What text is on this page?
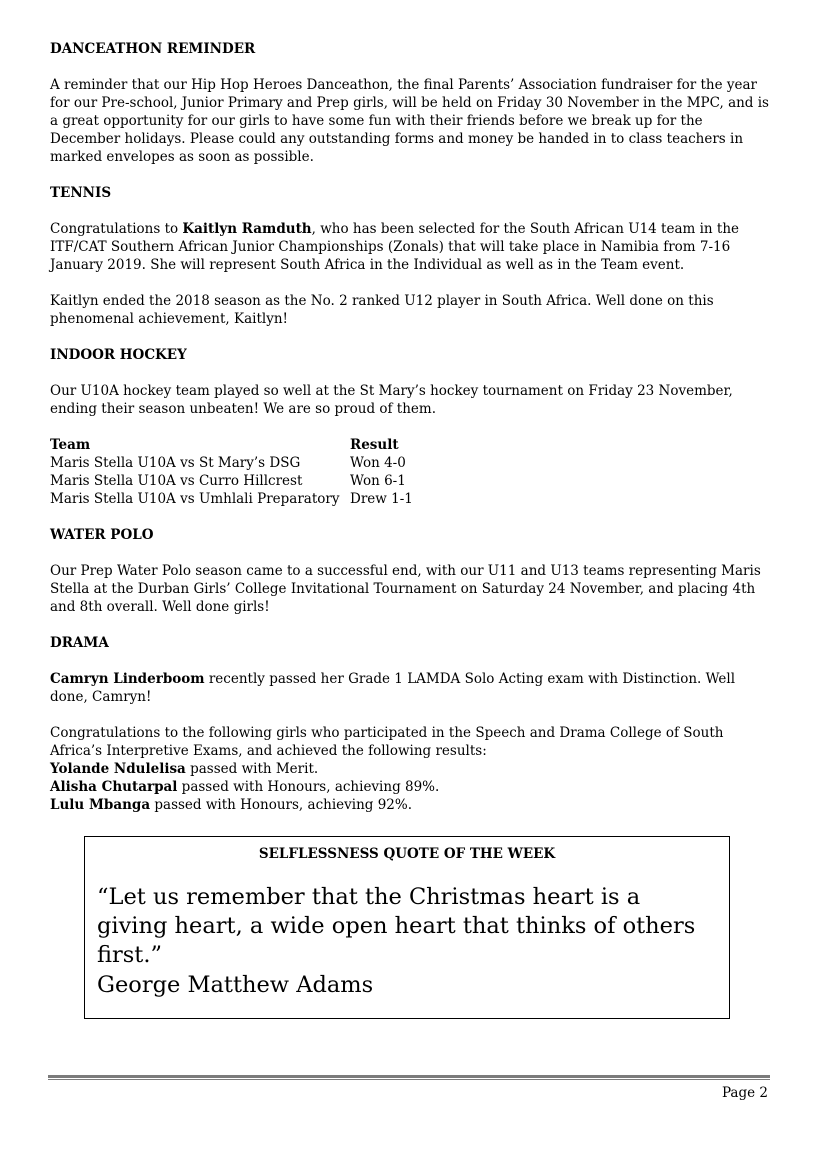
DANCEATHON REMINDER

A reminder that our Hip Hop Heroes Danceathon, the final Parents’ Association fundraiser for the year for our Pre-school, Junior Primary and Prep girls, will be held on Friday 30 November in the MPC, and is a great opportunity for our girls to have some fun with their friends before we break up for the December holidays. Please could any outstanding forms and money be handed in to class teachers in marked envelopes as soon as possible.

TENNIS

Congratulations to Kaitlyn Ramduth, who has been selected for the South African U14 team in the ITF/CAT Southern African Junior Championships (Zonals) that will take place in Namibia from 7-16 January 2019. She will represent South Africa in the Individual as well as in the Team event.

Kaitlyn ended the 2018 season as the No. 2 ranked U12 player in South Africa. Well done on this phenomenal achievement, Kaitlyn!

INDOOR HOCKEY

Our U10A hockey team played so well at the St Mary’s hockey tournament on Friday 23 November, ending their season unbeaten! We are so proud of them.

Team	Result
Maris Stella U10A vs St Mary’s DSG	Won 4-0
Maris Stella U10A vs Curro Hillcrest	Won 6-1
Maris Stella U10A vs Umhlali Preparatory	Drew 1-1
WATER POLO

Our Prep Water Polo season came to a successful end, with our U11 and U13 teams representing Maris Stella at the Durban Girls’ College Invitational Tournament on Saturday 24 November, and placing 4th and 8th overall. Well done girls!

DRAMA

Camryn Linderboom recently passed her Grade 1 LAMDA Solo Acting exam with Distinction. Well done, Camryn!

Congratulations to the following girls who participated in the Speech and Drama College of South Africa’s Interpretive Exams, and achieved the following results:
Yolande Ndulelisa passed with Merit.
Alisha Chutarpal passed with Honours, achieving 89%.
Lulu Mbanga passed with Honours, achieving 92%.
SELFLESSNESS QUOTE OF THE WEEK
“Let us remember that the Christmas heart is a giving heart, a wide open heart that thinks of others first.”
George Matthew Adams
Page 2
